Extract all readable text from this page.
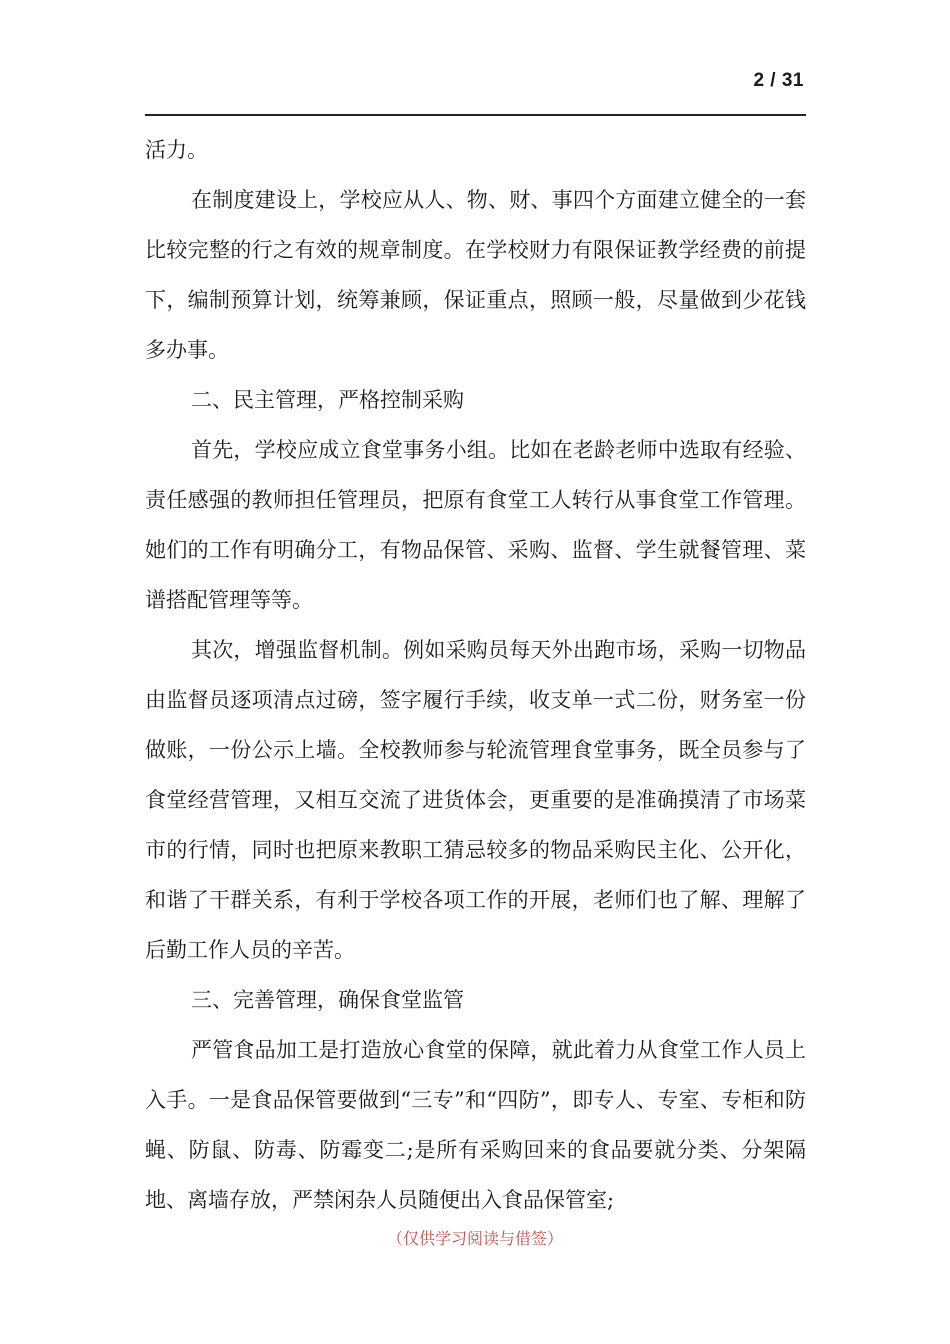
2 / 31

活力。

在制度建设上，学校应从人、物、财、事四个方面建立健全的一套比较完整的行之有效的规章制度。在学校财力有限保证教学经费的前提下，编制预算计划，统筹兼顾，保证重点，照顾一般，尽量做到少花钱多办事。

二、民主管理，严格控制采购

首先，学校应成立食堂事务小组。比如在老龄老师中选取有经验、责任感强的教师担任管理员，把原有食堂工人转行从事食堂工作管理。她们的工作有明确分工，有物品保管、采购、监督、学生就餐管理、菜谱搭配管理等等。

其次，增强监督机制。例如采购员每天外出跑市场，采购一切物品由监督员逐项清点过磅，签字履行手续，收支单一式二份，财务室一份做账，一份公示上墙。全校教师参与轮流管理食堂事务，既全员参与了食堂经营管理，又相互交流了进货体会，更重要的是准确摸清了市场菜市的行情，同时也把原来教职工猜忌较多的物品采购民主化、公开化，和谐了干群关系，有利于学校各项工作的开展，老师们也了解、理解了后勤工作人员的辛苦。

三、完善管理，确保食堂监管

严管食品加工是打造放心食堂的保障，就此着力从食堂工作人员上入手。一是食品保管要做到“三专”和“四防”，即专人、专室、专柜和防蝇、防鼠、防毒、防霉变二;是所有采购回来的食品要就分类、分架隔地、离墙存放，严禁闲杂人员随便出入食品保管室;

（仅供学习阅读与借签）
